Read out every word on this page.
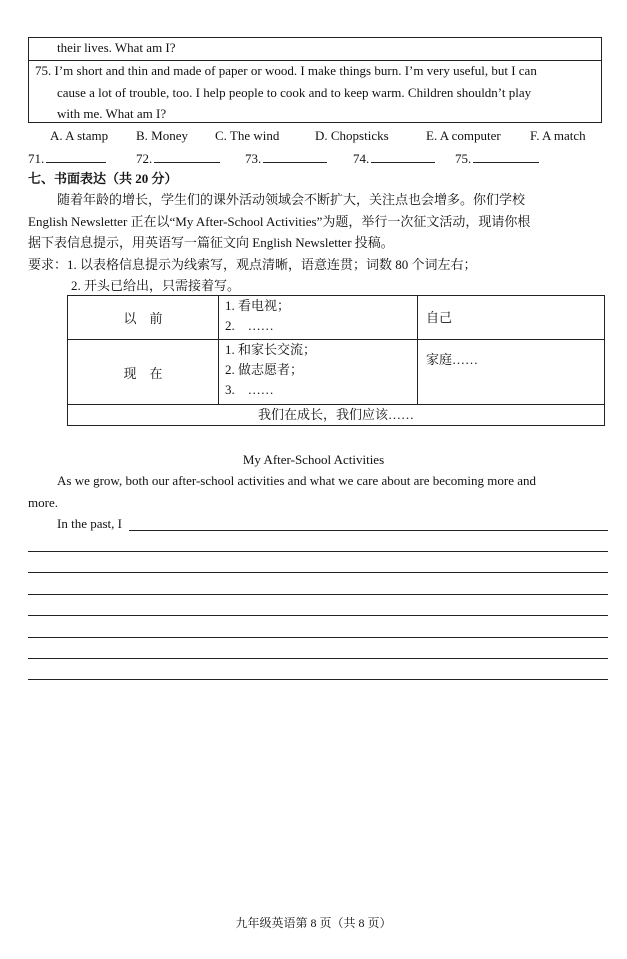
their lives. What am I?
75. I’m short and thin and made of paper or wood. I make things burn. I’m very useful, but I can
cause a lot of trouble, too. I help people to cook and to keep warm. Children shouldn’t play
with me. What am I?
A. A stamp B. Money C. The wind	D. Chopsticks	E. A computer F. A match
71.	72.	73.	74.	75.
七、书面表达（共 20 分）
随着年龄的增长，学生们的课外活动领域会不断扩大，关注点也会增多。你们学校
English Newsletter 正在以“My After-School Activities”为题，举行一次征文活动，现请你根
据下表信息提示，用英语写一篇征文向 English Newsletter 投稿。
要求：1. 以表格信息提示为线索写，观点清晰，语意连贯；词数 80 个词左右；
2. 开头已给出，只需接着写。
以　前	1. 看电视；
2.　……	自己
现　在	1. 和家长交流；
2. 做志愿者；
3.　……	家庭……
我们在成长，我们应该……		
My After-School Activities
As we grow, both our after-school activities and what we care about are becoming more and
more.
In the past, I
九年级英语第 8 页（共 8 页）
